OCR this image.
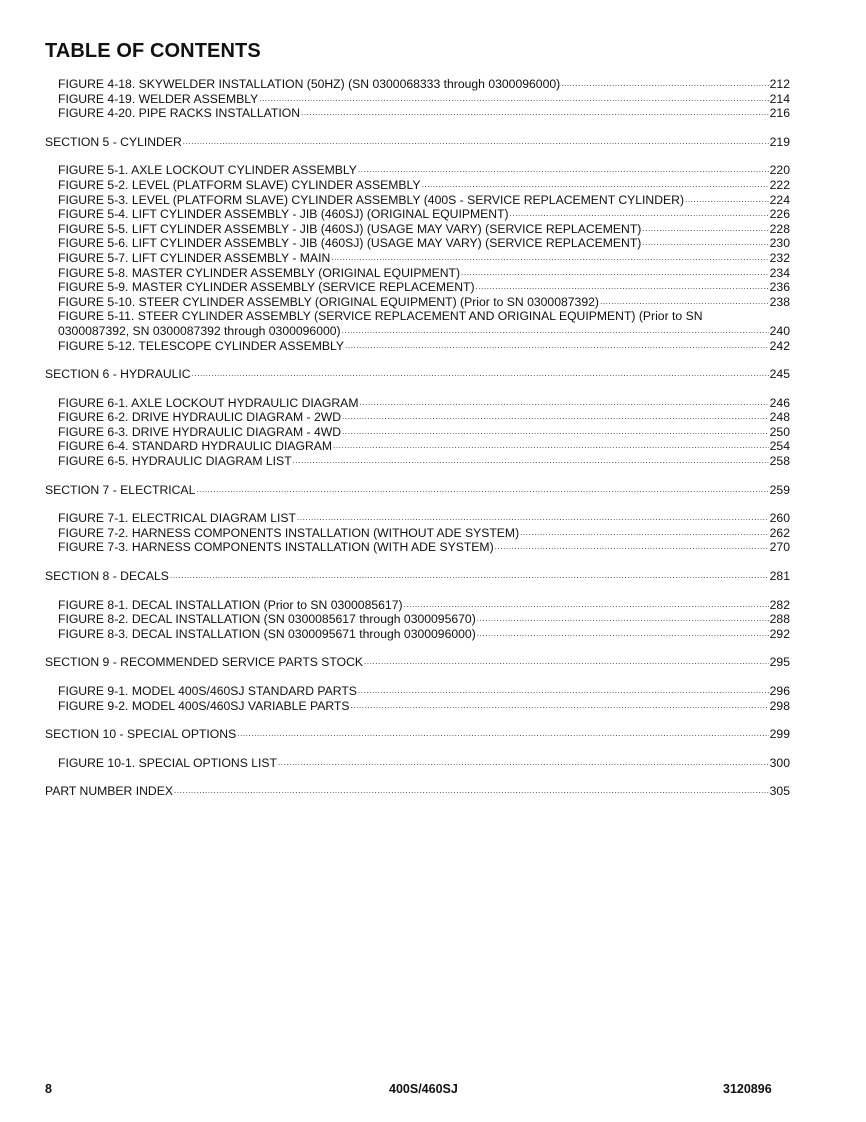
TABLE OF CONTENTS
FIGURE 4-18. SKYWELDER INSTALLATION (50HZ) (SN 0300068333 through 0300096000) .....	212
FIGURE 4-19. WELDER ASSEMBLY .....	214
FIGURE 4-20. PIPE RACKS INSTALLATION .....	216
SECTION 5 - CYLINDER .....	219
FIGURE 5-1. AXLE LOCKOUT CYLINDER ASSEMBLY .....	220
FIGURE 5-2. LEVEL (PLATFORM SLAVE) CYLINDER ASSEMBLY .....	222
FIGURE 5-3. LEVEL (PLATFORM SLAVE) CYLINDER ASSEMBLY (400S - SERVICE REPLACEMENT CYLINDER) .....	224
FIGURE 5-4. LIFT CYLINDER ASSEMBLY - JIB (460SJ) (ORIGINAL EQUIPMENT) .....	226
FIGURE 5-5. LIFT CYLINDER ASSEMBLY - JIB (460SJ) (USAGE MAY VARY) (SERVICE REPLACEMENT) .....	228
FIGURE 5-6. LIFT CYLINDER ASSEMBLY - JIB (460SJ) (USAGE MAY VARY) (SERVICE REPLACEMENT) .....	230
FIGURE 5-7. LIFT CYLINDER ASSEMBLY - MAIN .....	232
FIGURE 5-8. MASTER CYLINDER ASSEMBLY (ORIGINAL EQUIPMENT) .....	234
FIGURE 5-9. MASTER CYLINDER ASSEMBLY (SERVICE REPLACEMENT) .....	236
FIGURE 5-10. STEER CYLINDER ASSEMBLY (ORIGINAL EQUIPMENT) (Prior to SN 0300087392) .....	238
FIGURE 5-11. STEER CYLINDER ASSEMBLY (SERVICE REPLACEMENT AND ORIGINAL EQUIPMENT) (Prior to SN
0300087392, SN 0300087392 through 0300096000) .....	240
FIGURE 5-12. TELESCOPE CYLINDER ASSEMBLY .....	242
SECTION 6 - HYDRAULIC .....	245
FIGURE 6-1. AXLE LOCKOUT HYDRAULIC DIAGRAM .....	246
FIGURE 6-2. DRIVE HYDRAULIC DIAGRAM - 2WD .....	248
FIGURE 6-3. DRIVE HYDRAULIC DIAGRAM - 4WD .....	250
FIGURE 6-4. STANDARD HYDRAULIC DIAGRAM .....	254
FIGURE 6-5. HYDRAULIC DIAGRAM LIST .....	258
SECTION 7 - ELECTRICAL .....	259
FIGURE 7-1. ELECTRICAL DIAGRAM LIST .....	260
FIGURE 7-2. HARNESS COMPONENTS INSTALLATION (WITHOUT ADE SYSTEM) .....	262
FIGURE 7-3. HARNESS COMPONENTS INSTALLATION (WITH ADE SYSTEM) .....	270
SECTION 8 - DECALS .....	281
FIGURE 8-1. DECAL INSTALLATION (Prior to SN 0300085617) .....	282
FIGURE 8-2. DECAL INSTALLATION (SN 0300085617 through 0300095670) .....	288
FIGURE 8-3. DECAL INSTALLATION (SN 0300095671 through 0300096000) .....	292
SECTION 9 - RECOMMENDED SERVICE PARTS STOCK .....	295
FIGURE 9-1. MODEL 400S/460SJ STANDARD PARTS .....	296
FIGURE 9-2. MODEL 400S/460SJ VARIABLE PARTS .....	298
SECTION 10 - SPECIAL OPTIONS .....	299
FIGURE 10-1. SPECIAL OPTIONS LIST .....	300
PART NUMBER INDEX .....	305
8	400S/460SJ	3120896
